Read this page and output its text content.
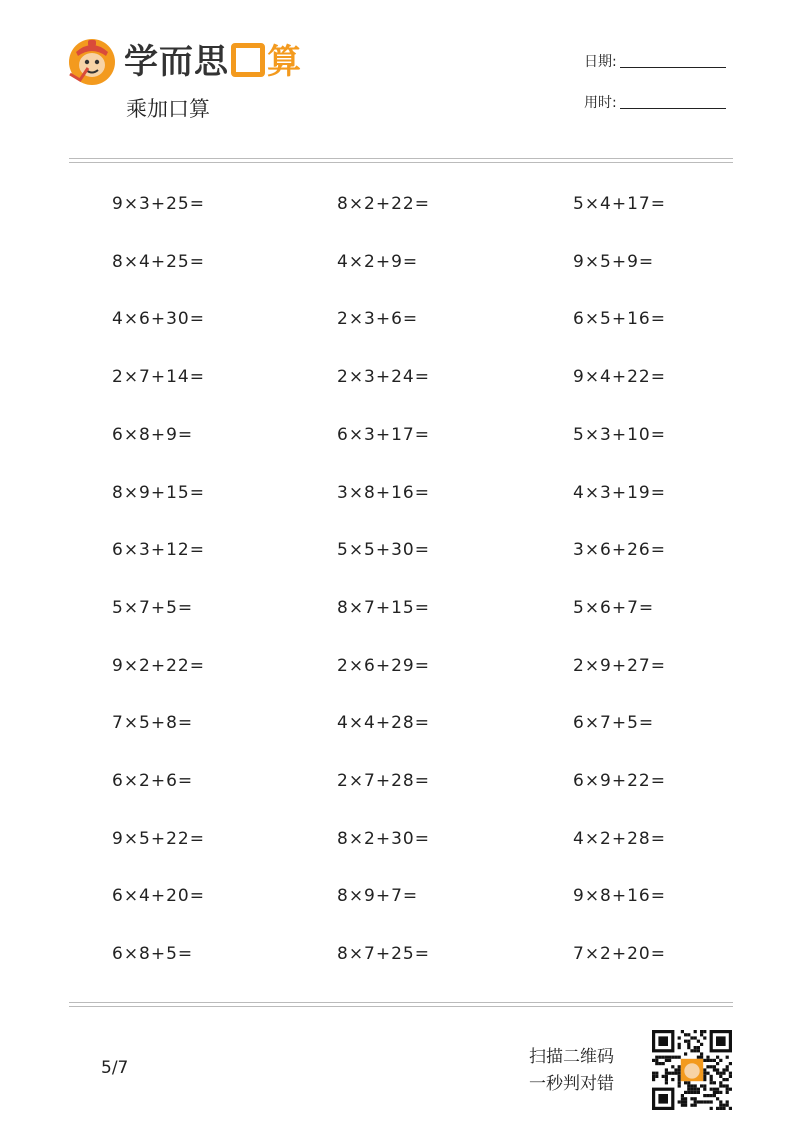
学而思 算
乘加口算
日期:
用时:
9×3+25=
8×4+25=
4×6+30=
2×7+14=
6×8+9=
8×9+15=
6×3+12=
5×7+5=
9×2+22=
7×5+8=
6×2+6=
9×5+22=
6×4+20=
6×8+5=
8×2+22=
4×2+9=
2×3+6=
2×3+24=
6×3+17=
3×8+16=
5×5+30=
8×7+15=
2×6+29=
4×4+28=
2×7+28=
8×2+30=
8×9+7=
8×7+25=
5×4+17=
9×5+9=
6×5+16=
9×4+22=
5×3+10=
4×3+19=
3×6+26=
5×6+7=
2×9+27=
6×7+5=
6×9+22=
4×2+28=
9×8+16=
7×2+20=
5/7
扫描二维码
一秒判对错
